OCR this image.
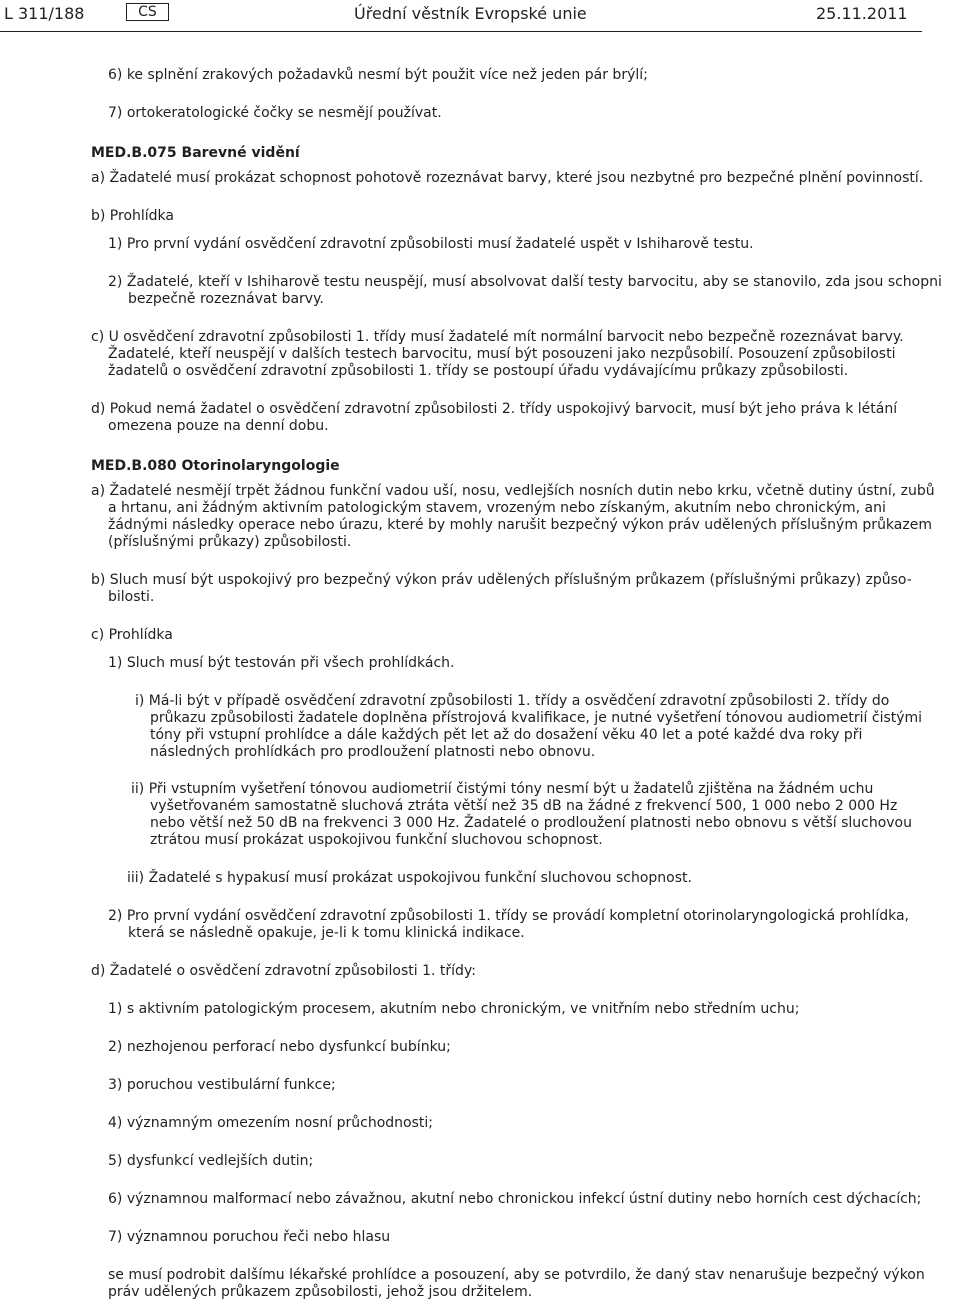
L 311/188	CS	Úřední věstník Evropské unie	25.11.2011
6) ke splnění zrakových požadavků nesmí být použit více než jeden pár brýlí;
7) ortokeratologické čočky se nesmějí používat.
MED.B.075 Barevné vidění
a) Žadatelé musí prokázat schopnost pohotově rozeznávat barvy, které jsou nezbytné pro bezpečné plnění povinností.
b) Prohlídka
1) Pro první vydání osvědčení zdravotní způsobilosti musí žadatelé uspět v Ishiharově testu.
2) Žadatelé, kteří v Ishiharově testu neuspějí, musí absolvovat další testy barvocitu, aby se stanovilo, zda jsou schopni
bezpečně rozeznávat barvy.
c) U osvědčení zdravotní způsobilosti 1. třídy musí žadatelé mít normální barvocit nebo bezpečně rozeznávat barvy.
Žadatelé, kteří neuspějí v dalších testech barvocitu, musí být posouzeni jako nezpůsobilí. Posouzení způsobilosti
žadatelů o osvědčení zdravotní způsobilosti 1. třídy se postoupí úřadu vydávajícímu průkazy způsobilosti.
d) Pokud nemá žadatel o osvědčení zdravotní způsobilosti 2. třídy uspokojivý barvocit, musí být jeho práva k létání
omezena pouze na denní dobu.
MED.B.080 Otorinolaryngologie
a) Žadatelé nesmějí trpět žádnou funkční vadou uší, nosu, vedlejších nosních dutin nebo krku, včetně dutiny ústní, zubů
a hrtanu, ani žádným aktivním patologickým stavem, vrozeným nebo získaným, akutním nebo chronickým, ani
žádnými následky operace nebo úrazu, které by mohly narušit bezpečný výkon práv udělených příslušným průkazem
(příslušnými průkazy) způsobilosti.
b) Sluch musí být uspokojivý pro bezpečný výkon práv udělených příslušným průkazem (příslušnými průkazy) způso-
bilosti.
c) Prohlídka
1) Sluch musí být testován při všech prohlídkách.
i) Má-li být v případě osvědčení zdravotní způsobilosti 1. třídy a osvědčení zdravotní způsobilosti 2. třídy do
průkazu způsobilosti žadatele doplněna přístrojová kvalifikace, je nutné vyšetření tónovou audiometrií čistými
tóny při vstupní prohlídce a dále každých pět let až do dosažení věku 40 let a poté každé dva roky při
následných prohlídkách pro prodloužení platnosti nebo obnovu.
ii) Při vstupním vyšetření tónovou audiometrií čistými tóny nesmí být u žadatelů zjištěna na žádném uchu
vyšetřovaném samostatně sluchová ztráta větší než 35 dB na žádné z frekvencí 500, 1 000 nebo 2 000 Hz
nebo větší než 50 dB na frekvenci 3 000 Hz. Žadatelé o prodloužení platnosti nebo obnovu s větší sluchovou
ztrátou musí prokázat uspokojivou funkční sluchovou schopnost.
iii) Žadatelé s hypakusí musí prokázat uspokojivou funkční sluchovou schopnost.
2) Pro první vydání osvědčení zdravotní způsobilosti 1. třídy se provádí kompletní otorinolaryngologická prohlídka,
která se následně opakuje, je-li k tomu klinická indikace.
d) Žadatelé o osvědčení zdravotní způsobilosti 1. třídy:
1) s aktivním patologickým procesem, akutním nebo chronickým, ve vnitřním nebo středním uchu;
2) nezhojenou perforací nebo dysfunkcí bubínku;
3) poruchou vestibulární funkce;
4) významným omezením nosní průchodnosti;
5) dysfunkcí vedlejších dutin;
6) významnou malformací nebo závažnou, akutní nebo chronickou infekcí ústní dutiny nebo horních cest dýchacích;
7) významnou poruchou řeči nebo hlasu
se musí podrobit dalšímu lékařské prohlídce a posouzení, aby se potvrdilo, že daný stav nenarušuje bezpečný výkon
práv udělených průkazem způsobilosti, jehož jsou držitelem.
